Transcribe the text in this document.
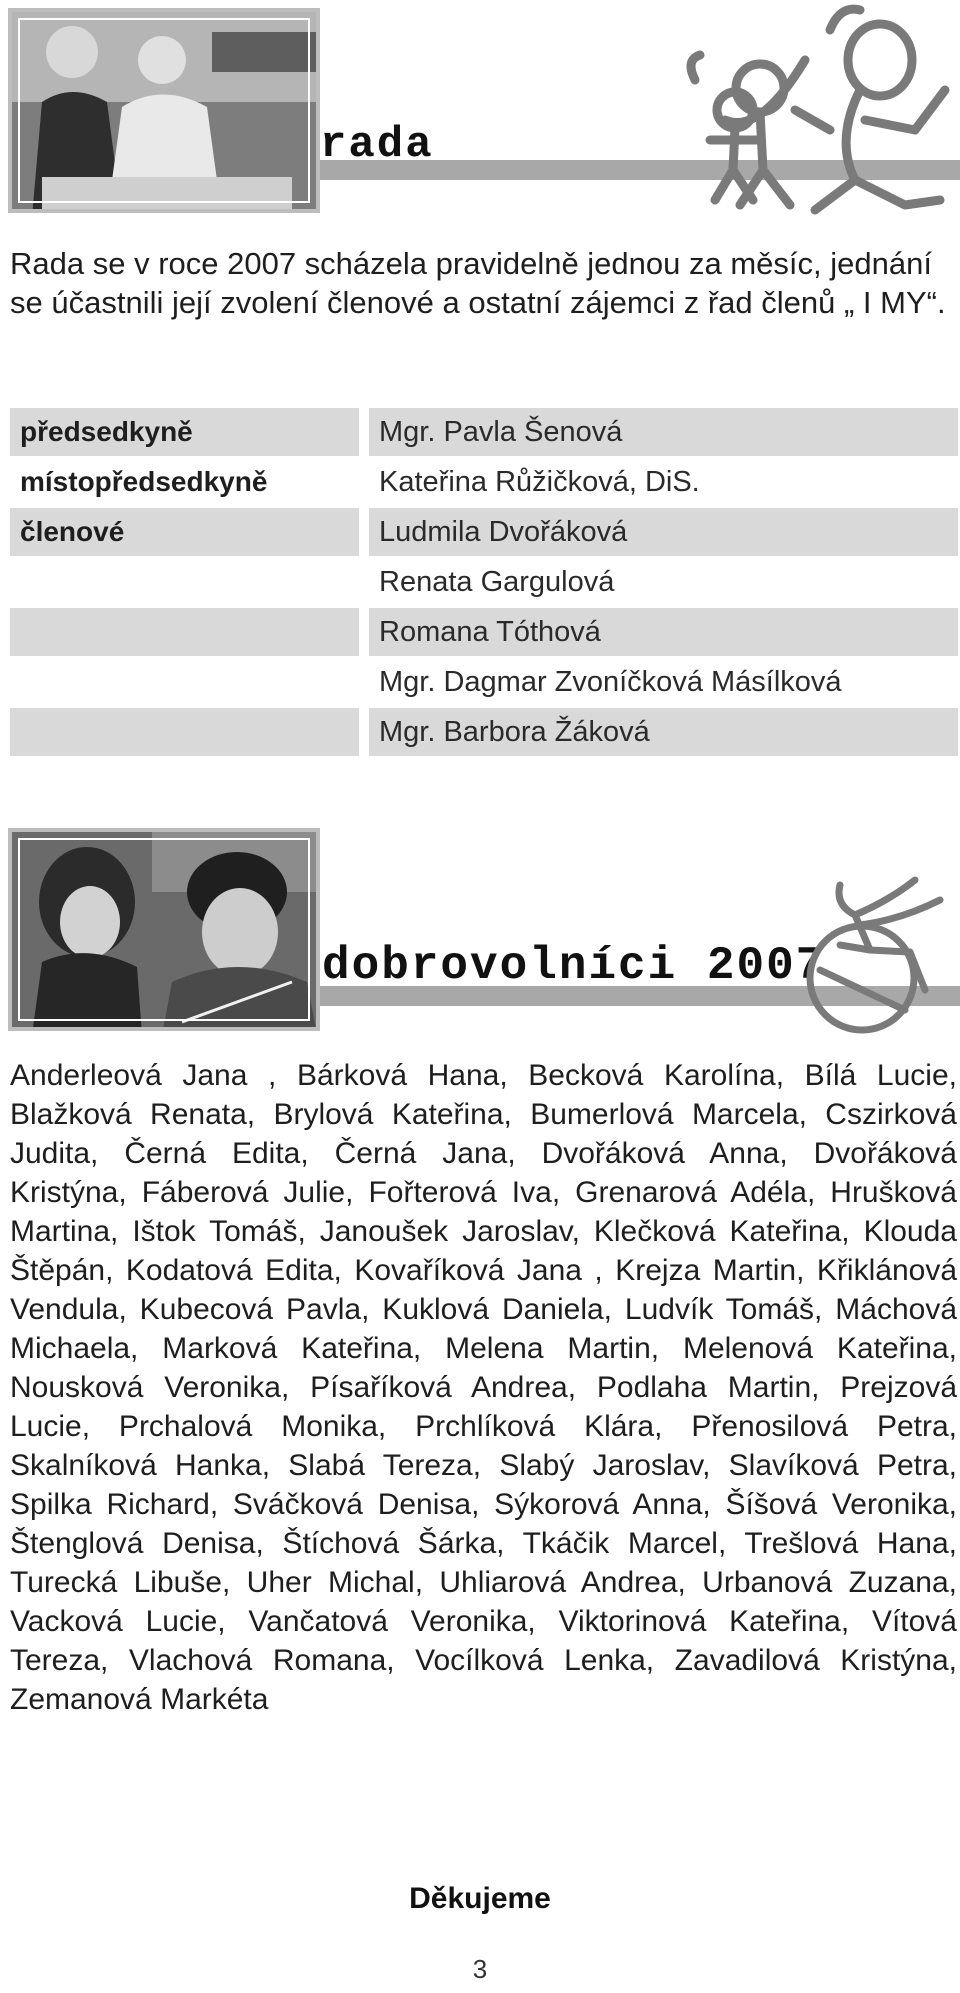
rada
Rada se v roce 2007 scházela pravidelně jednou za měsíc, jednání se účastnili její zvolení členové a ostatní zájemci z řad členů „ I MY“.
předsedkyně	Mgr. Pavla Šenová
místopředsedkyně	Kateřina Růžičková, DiS.
členové	Ludmila Dvořáková
Renata Gargulová
Romana Tóthová
Mgr. Dagmar Zvoníčková Másílková
Mgr. Barbora Žáková
dobrovolníci 2007
Anderleová Jana , Bárková Hana, Becková Karolína, Bílá Lucie, Blažková Renata, Brylová Kateřina, Bumerlová Marcela, Cszirková Judita, Černá Edita, Černá Jana, Dvořáková Anna, Dvořáková Kristýna, Fáberová Julie, Fořterová Iva, Grenarová Adéla, Hrušková Martina, Ištok Tomáš, Janoušek Jaroslav, Klečková Kateřina, Klouda Štěpán, Kodatová Edita, Kovaříková Jana , Krejza Martin, Křiklánová Vendula, Kubecová Pavla, Kuklová Daniela, Ludvík Tomáš, Máchová Michaela, Marková Kateřina, Melena Martin, Melenová Kateřina, Nousková Veronika, Písaříková Andrea, Podlaha Martin, Prejzová Lucie, Prchalová Monika, Prchlíková Klára, Přenosilová Petra, Skalníková Hanka, Slabá Tereza, Slabý Jaroslav, Slavíková Petra, Spilka Richard, Sváčková Denisa, Sýkorová Anna, Šíšová Veronika, Štenglová Denisa, Štíchová Šárka, Tkáčik Marcel, Trešlová Hana, Turecká Libuše, Uher Michal, Uhliarová Andrea, Urbanová Zuzana, Vacková Lucie, Vančatová Veronika, Viktorinová Kateřina, Vítová Tereza, Vlachová Romana, Vocílková Lenka, Zavadilová Kristýna, Zemanová Markéta
Děkujeme
3
